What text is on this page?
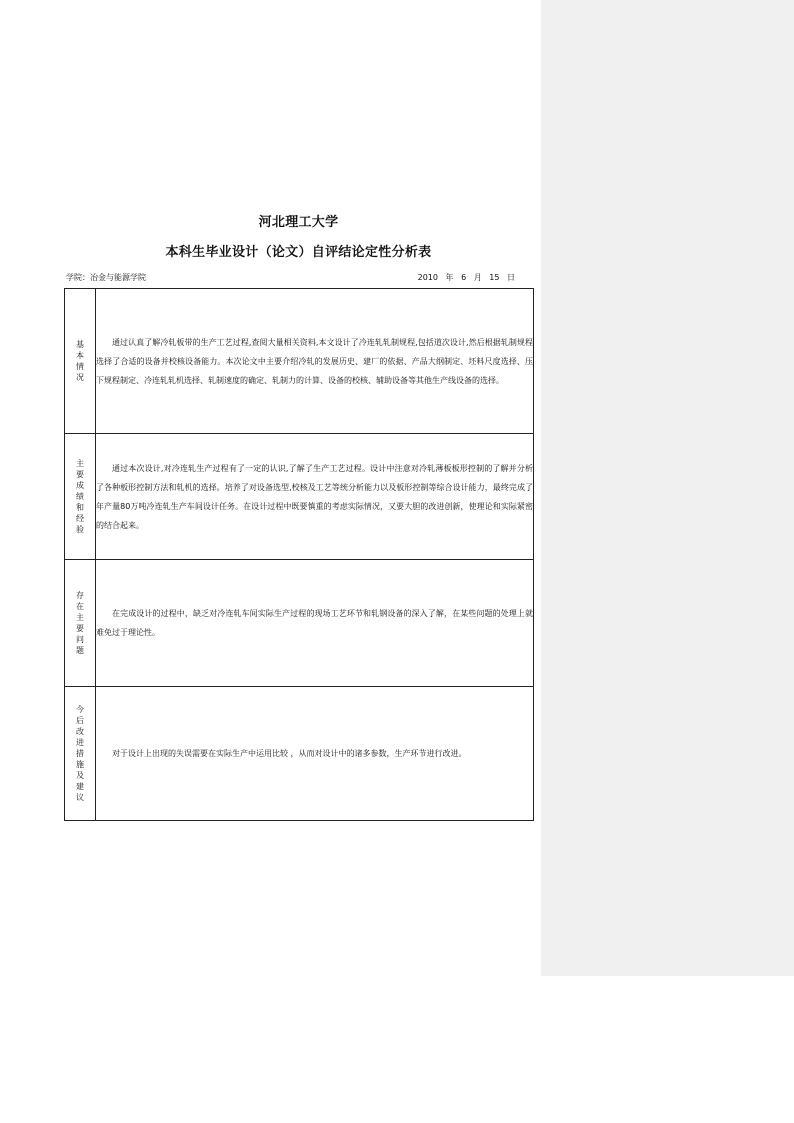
河北理工大学
本科生毕业设计（论文）自评结论定性分析表
学院：冶金与能源学院	2010 年 6 月 15 日
基本情况	通过认真了解冷轧板带的生产工艺过程,查阅大量相关资料,本文设计了冷连轧轧制规程,包括道次设计,然后根据轧制规程选择了合适的设备并校核设备能力。本次论文中主要介绍冷轧的发展历史、建厂的依据、产品大纲制定、坯料尺度选择、压下规程制定、冷连轧轧机选择、轧制速度的确定、轧制力的计算、设备的校核、辅助设备等其他生产线设备的选择。

主要成绩和经验	通过本次设计,对冷连轧生产过程有了一定的认识,了解了生产工艺过程。设计中注意对冷轧薄板板形控制的了解并分析了各种板形控制方法和轧机的选择。培养了对设备选型,校核及工艺等统分析能力以及板形控制等综合设计能力，最终完成了年产量80万吨冷连轧生产车间设计任务。在设计过程中既要慎重的考虑实际情况，又要大胆的改进创新，使理论和实际紧密的结合起来。

存在主要问题	在完成设计的过程中，缺乏对冷连轧车间实际生产过程的现场工艺环节和轧钢设备的深入了解，在某些问题的处理上就难免过于理论性。

今后改进措施及建议	对于设计上出现的失误需要在实际生产中运用比较 ，从而对设计中的诸多参数，生产环节进行改进。
